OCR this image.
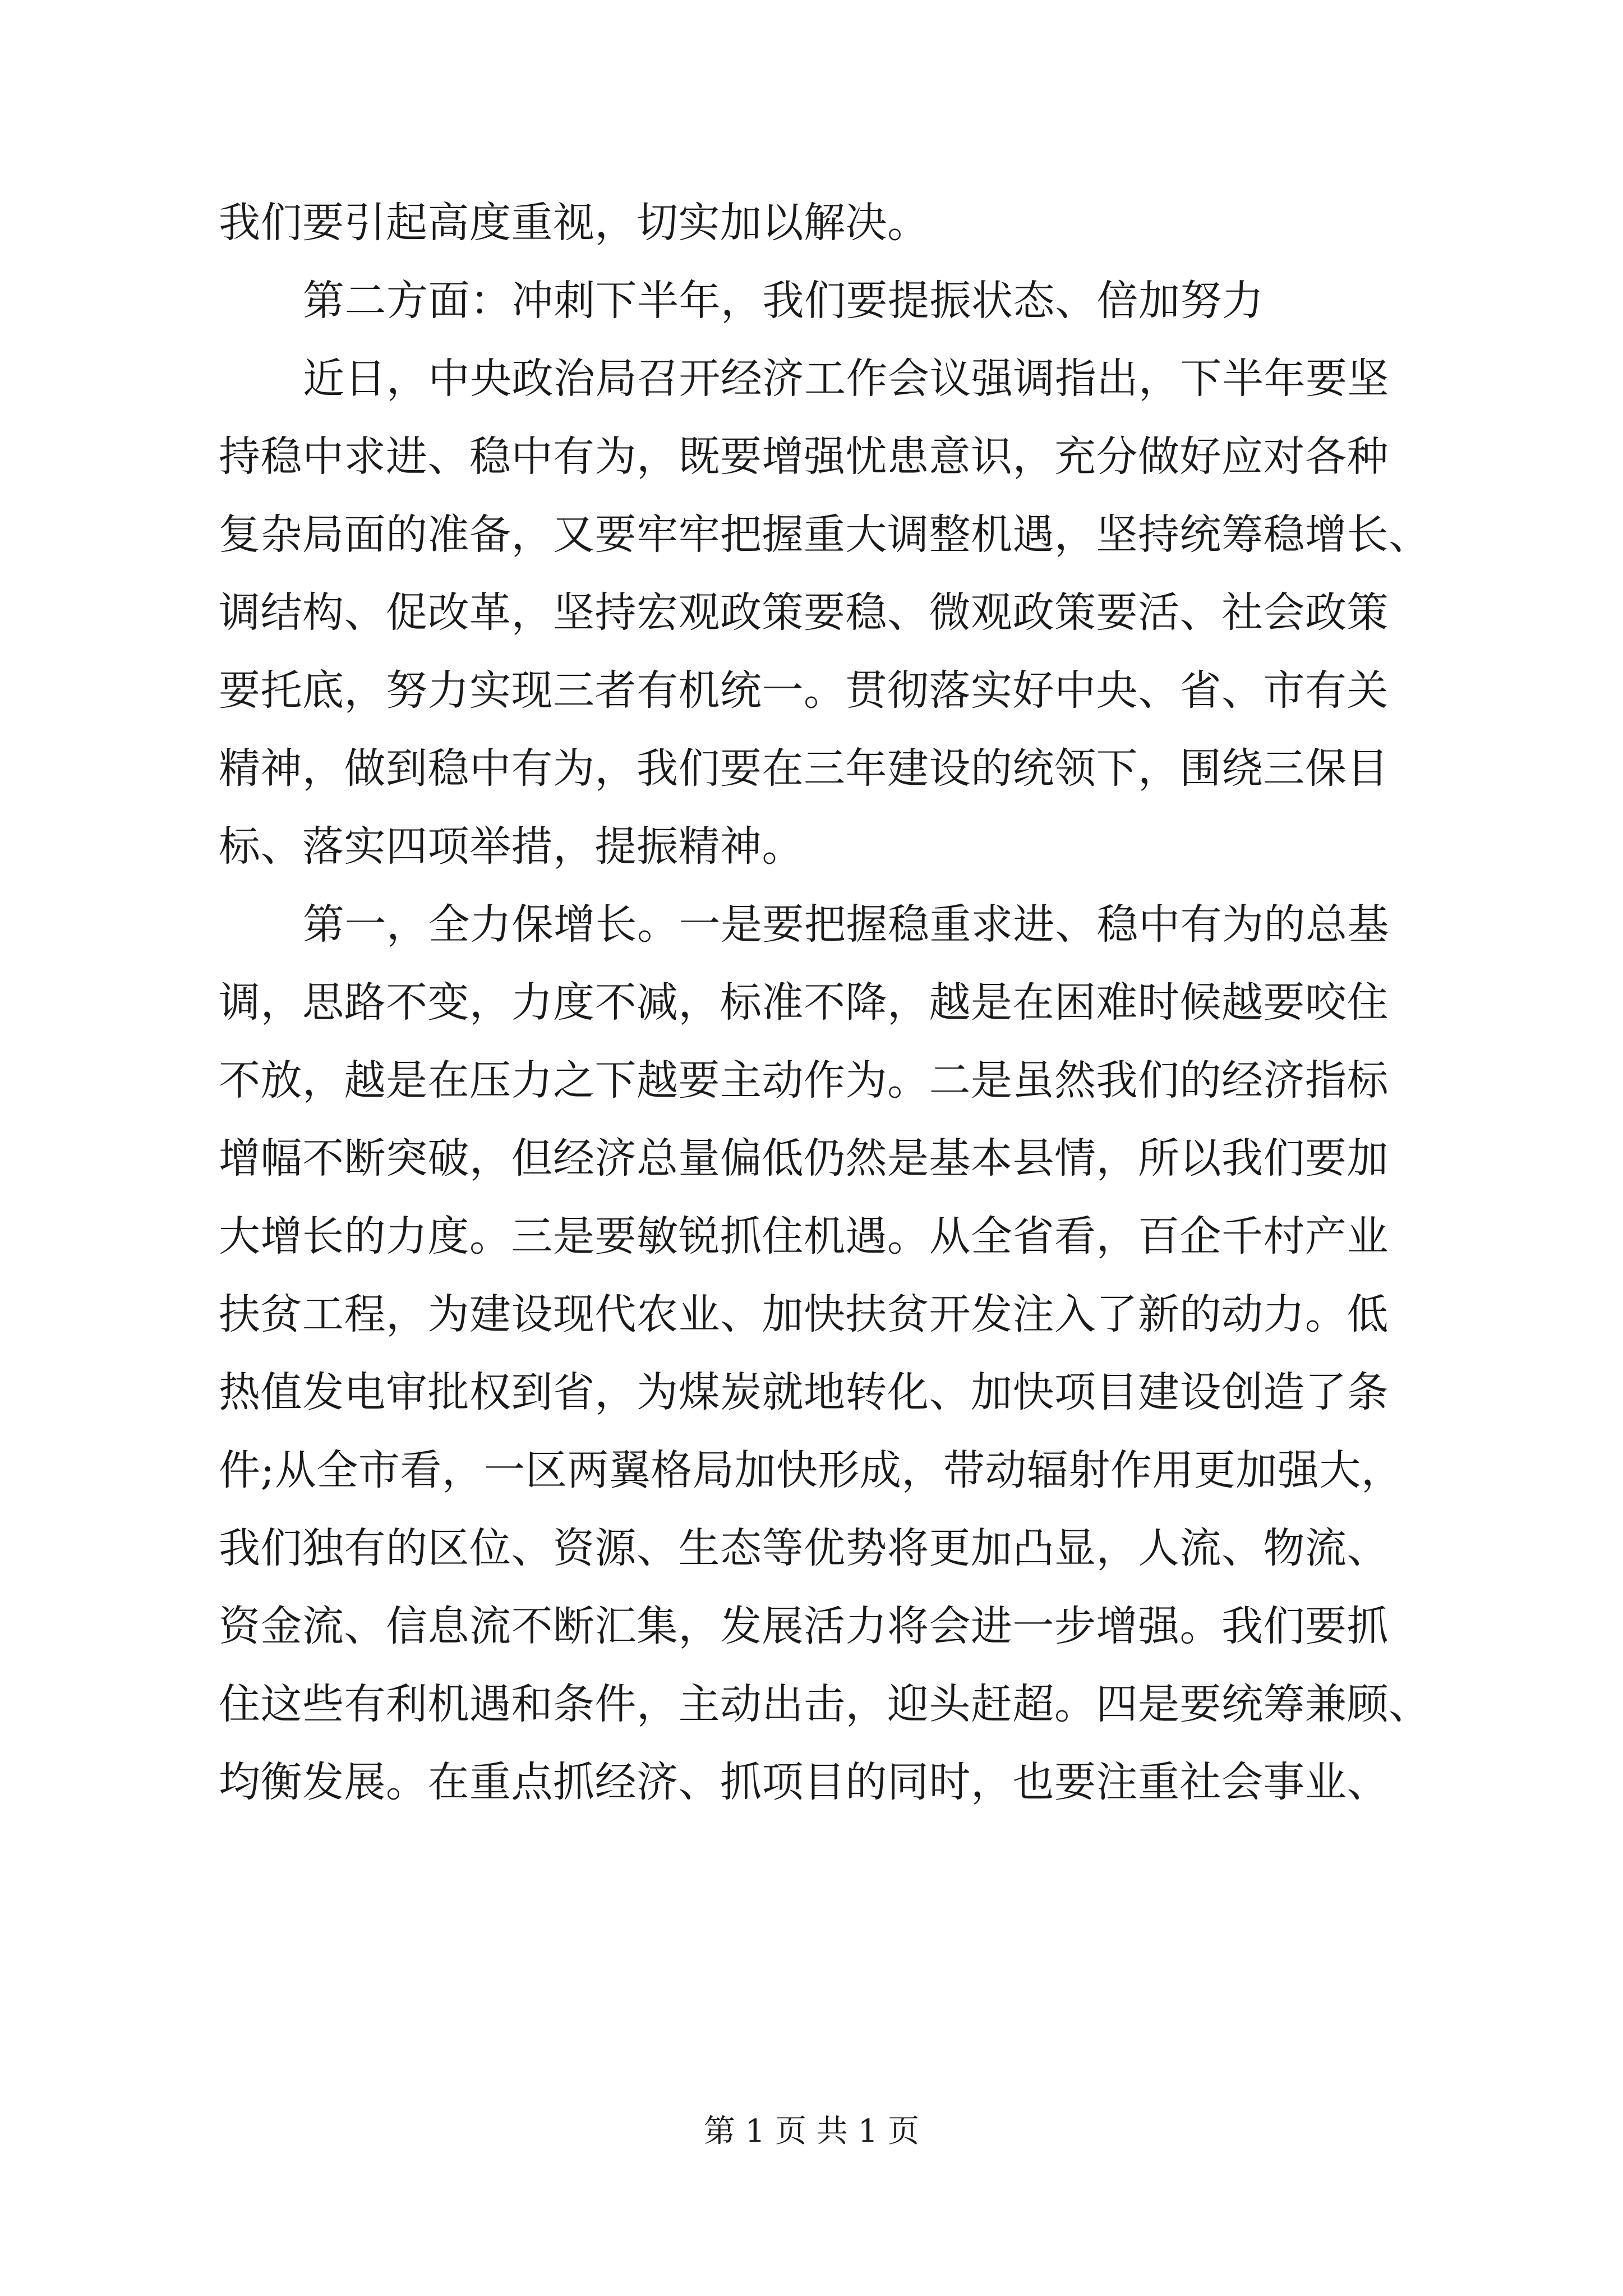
我们要引起高度重视，切实加以解决。
第二方面：冲刺下半年，我们要提振状态、倍加努力
近日，中央政治局召开经济工作会议强调指出，下半年要坚
持稳中求进、稳中有为，既要增强忧患意识，充分做好应对各种
复杂局面的准备，又要牢牢把握重大调整机遇，坚持统筹稳增长、
调结构、促改革，坚持宏观政策要稳、微观政策要活、社会政策
要托底，努力实现三者有机统一。贯彻落实好中央、省、市有关
精神，做到稳中有为，我们要在三年建设的统领下，围绕三保目
标、落实四项举措，提振精神。
第一，全力保增长。一是要把握稳重求进、稳中有为的总基
调，思路不变，力度不减，标准不降，越是在困难时候越要咬住
不放，越是在压力之下越要主动作为。二是虽然我们的经济指标
增幅不断突破，但经济总量偏低仍然是基本县情，所以我们要加
大增长的力度。三是要敏锐抓住机遇。从全省看，百企千村产业
扶贫工程，为建设现代农业、加快扶贫开发注入了新的动力。低
热值发电审批权到省，为煤炭就地转化、加快项目建设创造了条
件;从全市看，一区两翼格局加快形成，带动辐射作用更加强大，
我们独有的区位、资源、生态等优势将更加凸显，人流、物流、
资金流、信息流不断汇集，发展活力将会进一步增强。我们要抓
住这些有利机遇和条件，主动出击，迎头赶超。四是要统筹兼顾、
均衡发展。在重点抓经济、抓项目的同时，也要注重社会事业、
第 1 页 共 1 页
